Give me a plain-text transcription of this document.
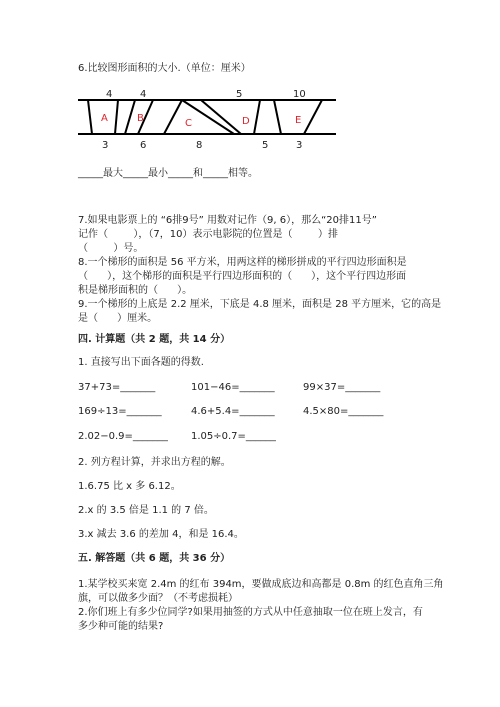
6.比较图形面积的大小.（单位：厘米）
4	4	5	10
A	B	C	D	E
3	6	8	5	3
_____最大_____最小_____和_____相等。
7.如果电影票上的 “6排9号” 用数对记作（9, 6），那么“20排11号”
记作（        ），（7，10）表示电影院的位置是（        ）排
（        ）号。
8.一个梯形的面积是 56 平方米，用两这样的梯形拼成的平行四边形面积是
（      ），这个梯形的面积是平行四边形面积的（      ），这个平行四边形面
积是梯形面积的（      ）。
9.一个梯形的上底是 2.2 厘米，下底是 4.8 厘米，面积是 28 平方厘米，它的高是
是（      ）厘米。
四. 计算题（共 2 题，共 14 分）
1. 直接写出下面各题的得数.
37+73=_______	101−46=_______	99×37=_______
169÷13=_______	4.6+5.4=_______	4.5×80=_______
2.02−0.9=_______ 1.05÷0.7=______
2. 列方程计算，并求出方程的解。
1.6.75 比 x 多 6.12。
2.x 的 3.5 倍是 1.1 的 7 倍。
3.x 减去 3.6 的差加 4，和是 16.4。
五. 解答题（共 6 题，共 36 分）
1.某学校买来宽 2.4m 的红布 394m，要做成底边和高都是 0.8m 的红色直角三角
旗，可以做多少面？（不考虑损耗）
2.你们班上有多少位同学?如果用抽签的方式从中任意抽取一位在班上发言，有
多少种可能的结果?
